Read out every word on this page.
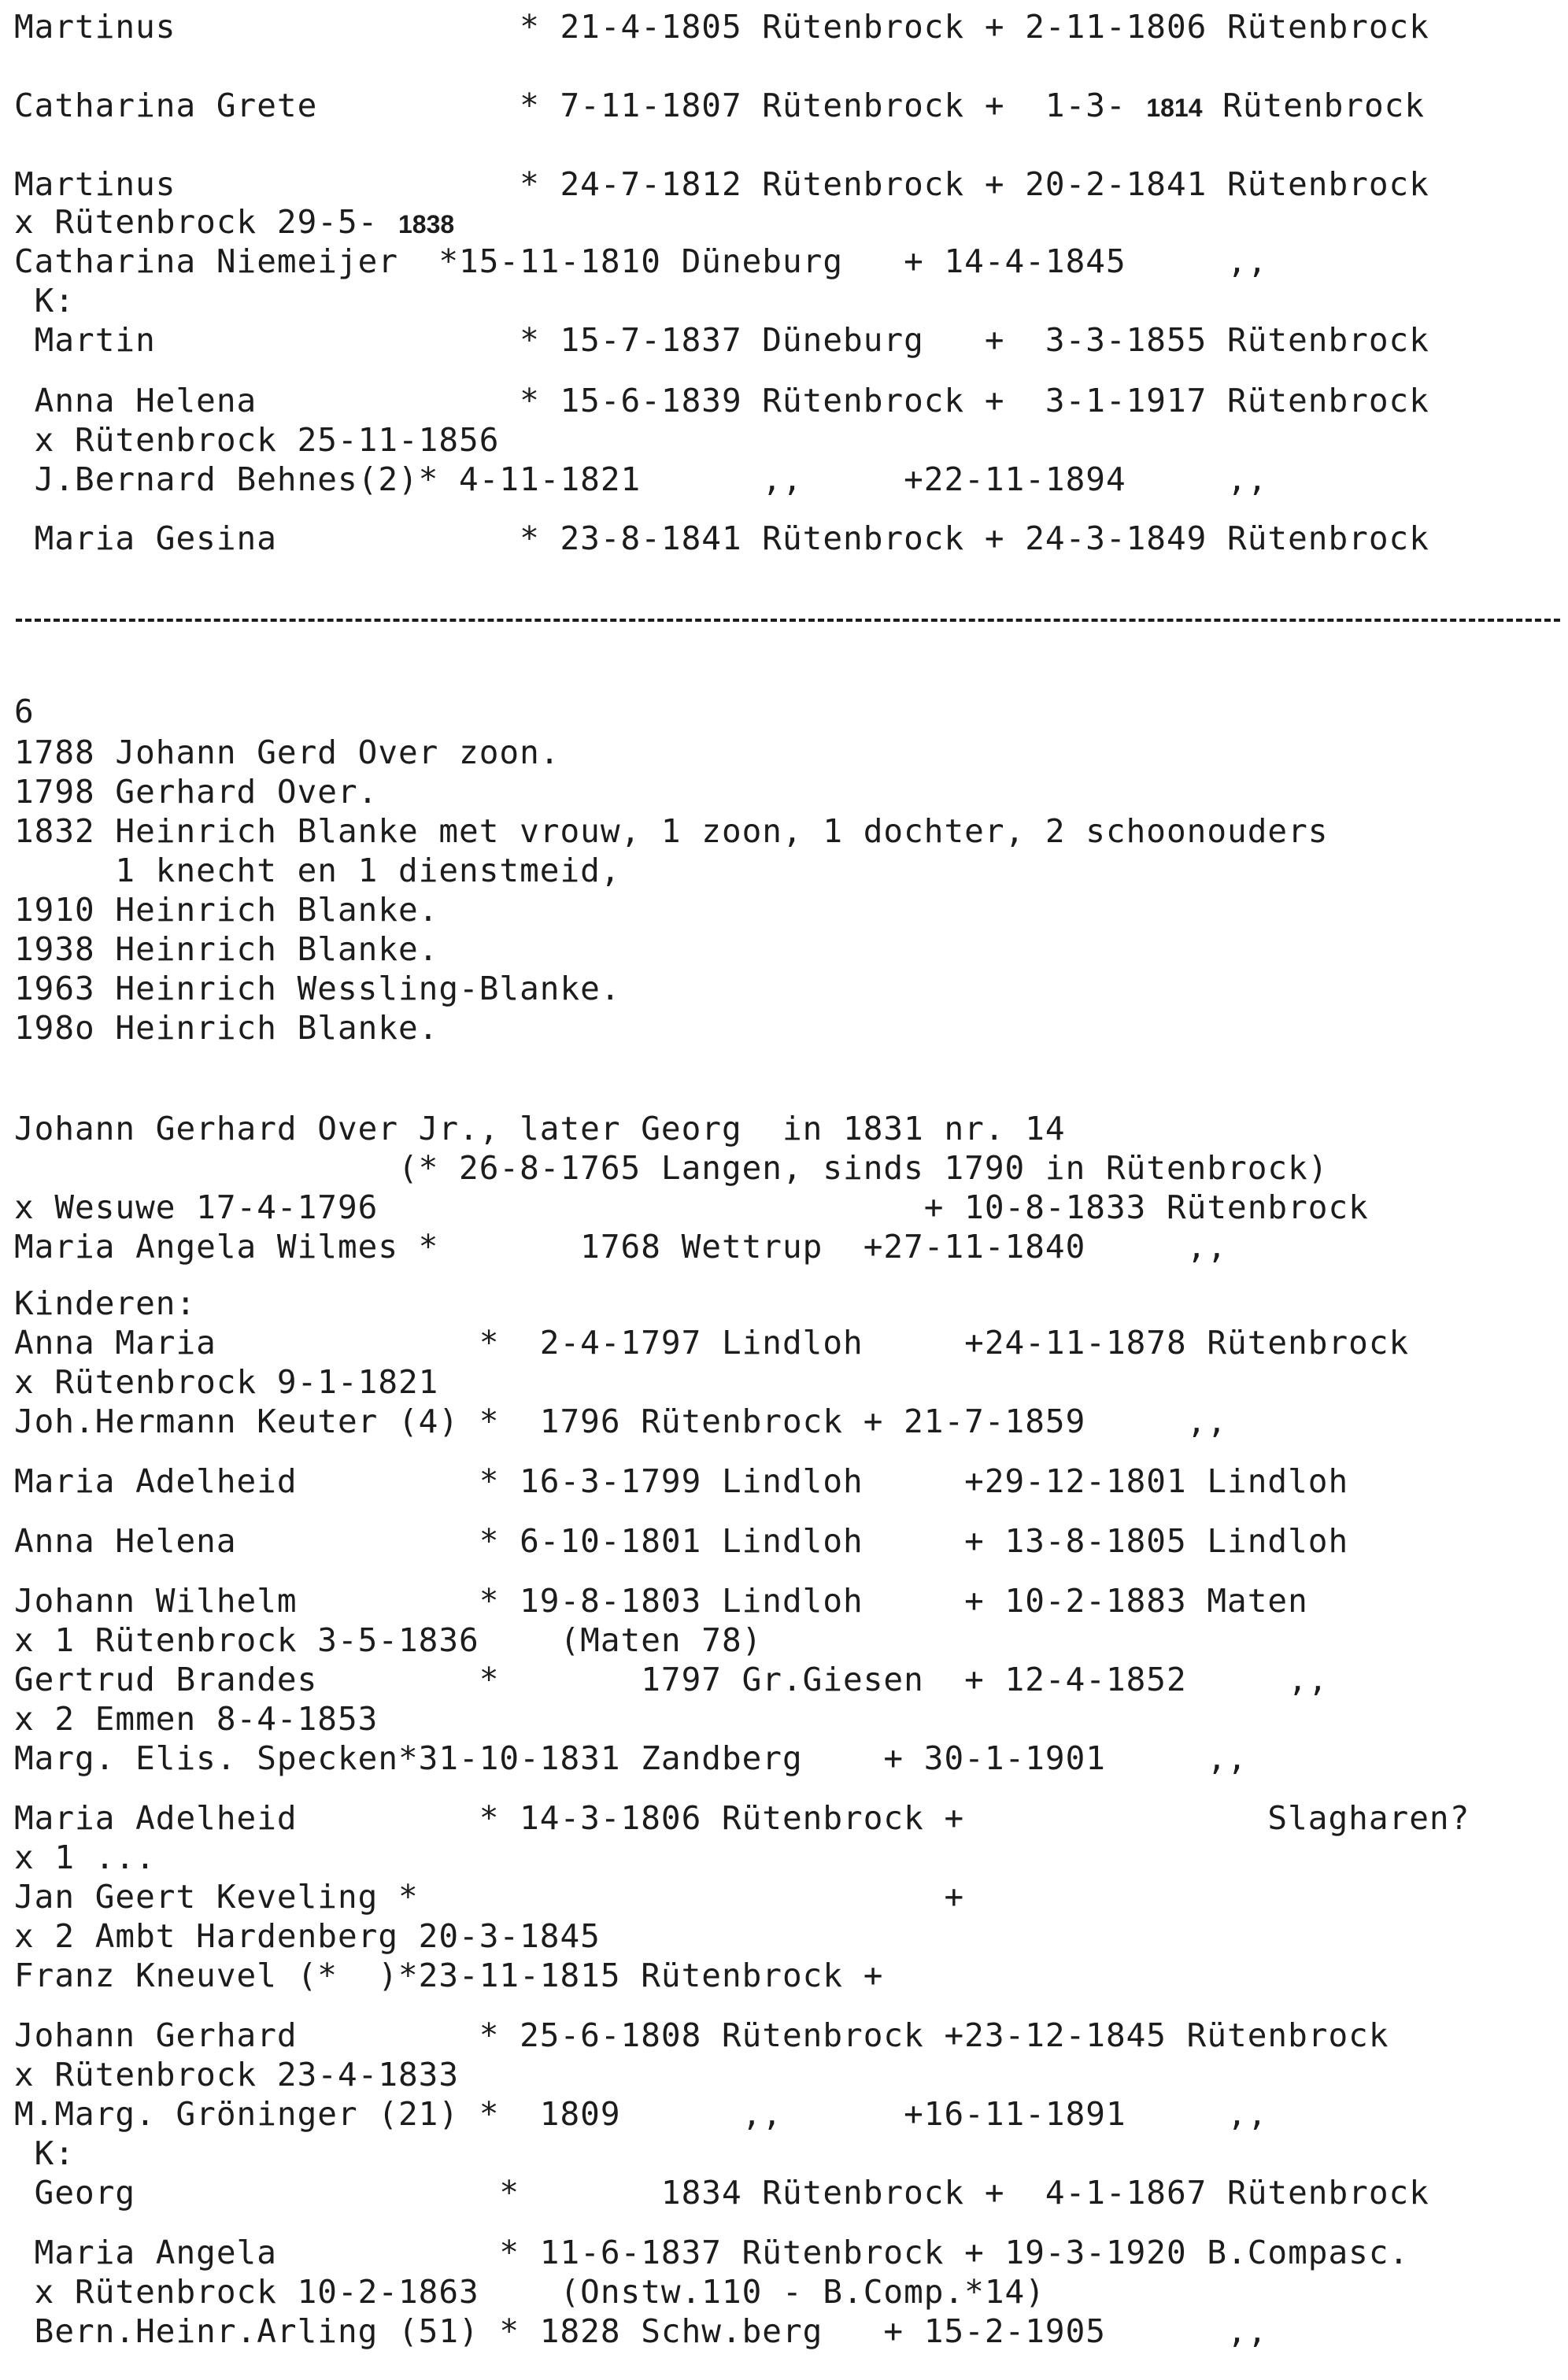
Martinus                 * 21-4-1805 Rütenbrock + 2-11-1806 Rütenbrock
Catharina Grete          * 7-11-1807 Rütenbrock +  1-3- 1814 Rütenbrock
Martinus                 * 24-7-1812 Rütenbrock + 20-2-1841 Rütenbrock
x Rütenbrock 29-5- 1838
Catharina Niemeijer  *15-11-1810 Düneburg   + 14-4-1845     ,,
K:
Martin                  * 15-7-1837 Düneburg   +  3-3-1855 Rütenbrock
Anna Helena             * 15-6-1839 Rütenbrock +  3-1-1917 Rütenbrock
x Rütenbrock 25-11-1856
J.Bernard Behnes(2)* 4-11-1821      ,,     +22-11-1894     ,,
Maria Gesina            * 23-8-1841 Rütenbrock + 24-3-1849 Rütenbrock
6
1788 Johann Gerd Over zoon.
1798 Gerhard Over.
1832 Heinrich Blanke met vrouw, 1 zoon, 1 dochter, 2 schoonouders
1 knecht en 1 dienstmeid,
1910 Heinrich Blanke.
1938 Heinrich Blanke.
1963 Heinrich Wessling-Blanke.
198o Heinrich Blanke.
Johann Gerhard Over Jr., later Georg  in 1831 nr. 14
(* 26-8-1765 Langen, sinds 1790 in Rütenbrock)
x Wesuwe 17-4-1796                           + 10-8-1833 Rütenbrock
Maria Angela Wilmes *       1768 Wettrup  +27-11-1840     ,,
Kinderen:
Anna Maria             *  2-4-1797 Lindloh     +24-11-1878 Rütenbrock
x Rütenbrock 9-1-1821
Joh.Hermann Keuter (4) *  1796 Rütenbrock + 21-7-1859     ,,
Maria Adelheid         * 16-3-1799 Lindloh     +29-12-1801 Lindloh
Anna Helena            * 6-10-1801 Lindloh     + 13-8-1805 Lindloh
Johann Wilhelm         * 19-8-1803 Lindloh     + 10-2-1883 Maten
x 1 Rütenbrock 3-5-1836    (Maten 78)
Gertrud Brandes        *       1797 Gr.Giesen  + 12-4-1852     ,,
x 2 Emmen 8-4-1853
Marg. Elis. Specken*31-10-1831 Zandberg    + 30-1-1901     ,,
Maria Adelheid         * 14-3-1806 Rütenbrock +               Slagharen?
x 1 ...
Jan Geert Keveling *                          +
x 2 Ambt Hardenberg 20-3-1845
Franz Kneuvel (*  )*23-11-1815 Rütenbrock +
Johann Gerhard         * 25-6-1808 Rütenbrock +23-12-1845 Rütenbrock
x Rütenbrock 23-4-1833
M.Marg. Gröninger (21) *  1809      ,,      +16-11-1891     ,,
K:
Georg                  *       1834 Rütenbrock +  4-1-1867 Rütenbrock
Maria Angela           * 11-6-1837 Rütenbrock + 19-3-1920 B.Compasc.
x Rütenbrock 10-2-1863    (Onstw.110 - B.Comp.*14)
Bern.Heinr.Arling (51) * 1828 Schw.berg   + 15-2-1905      ,,
